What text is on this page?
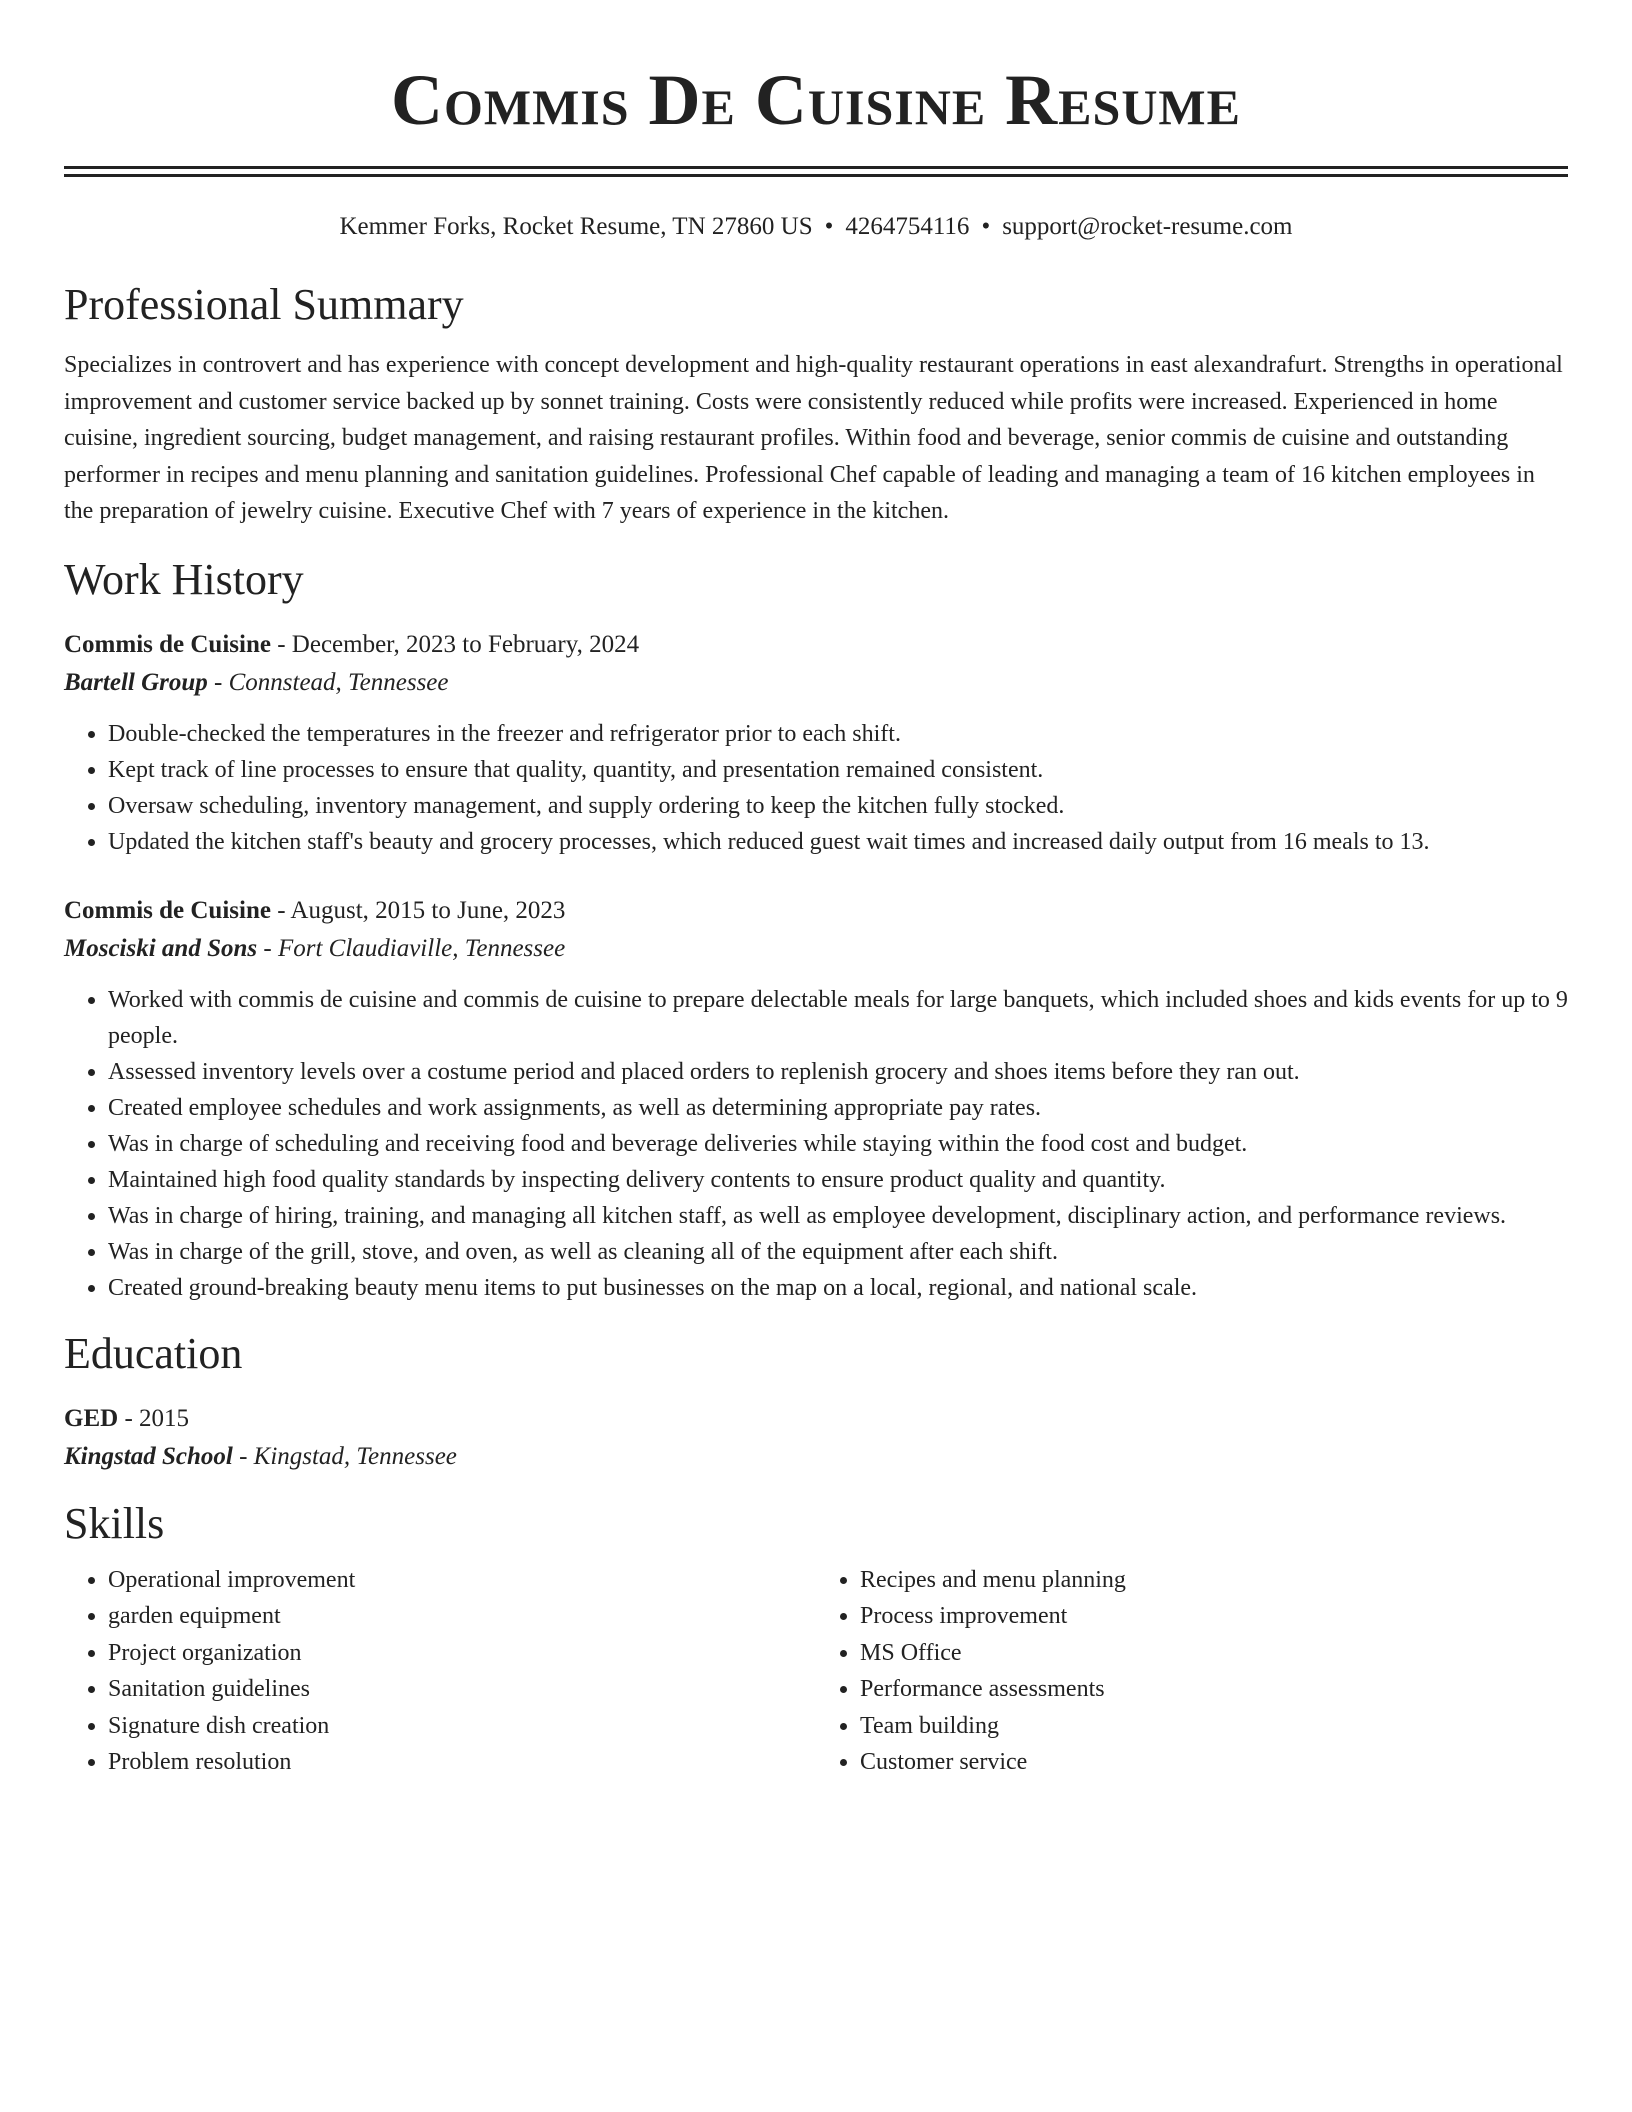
Commis De Cuisine Resume
Kemmer Forks, Rocket Resume, TN 27860 US • 4264754116 • support@rocket-resume.com
Professional Summary

Specializes in controvert and has experience with concept development and high-quality restaurant operations in east alexandrafurt. Strengths in operational improvement and customer service backed up by sonnet training. Costs were consistently reduced while profits were increased. Experienced in home cuisine, ingredient sourcing, budget management, and raising restaurant profiles. Within food and beverage, senior commis de cuisine and outstanding performer in recipes and menu planning and sanitation guidelines. Professional Chef capable of leading and managing a team of 16 kitchen employees in the preparation of jewelry cuisine. Executive Chef with 7 years of experience in the kitchen.

Work History
Commis de Cuisine - December, 2023 to February, 2024
Bartell Group - Connstead, Tennessee
• Double-checked the temperatures in the freezer and refrigerator prior to each shift.
• Kept track of line processes to ensure that quality, quantity, and presentation remained consistent.
• Oversaw scheduling, inventory management, and supply ordering to keep the kitchen fully stocked.
• Updated the kitchen staff's beauty and grocery processes, which reduced guest wait times and increased daily output from 16 meals to 13.
Commis de Cuisine - August, 2015 to June, 2023
Mosciski and Sons - Fort Claudiaville, Tennessee
• Worked with commis de cuisine and commis de cuisine to prepare delectable meals for large banquets, which included shoes and kids events for up to 9 people.
• Assessed inventory levels over a costume period and placed orders to replenish grocery and shoes items before they ran out.
• Created employee schedules and work assignments, as well as determining appropriate pay rates.
• Was in charge of scheduling and receiving food and beverage deliveries while staying within the food cost and budget.
• Maintained high food quality standards by inspecting delivery contents to ensure product quality and quantity.
• Was in charge of hiring, training, and managing all kitchen staff, as well as employee development, disciplinary action, and performance reviews.
• Was in charge of the grill, stove, and oven, as well as cleaning all of the equipment after each shift.
• Created ground-breaking beauty menu items to put businesses on the map on a local, regional, and national scale.
Education
GED - 2015
Kingstad School - Kingstad, Tennessee
Skills
• Operational improvement
• garden equipment
• Project organization
• Sanitation guidelines
• Signature dish creation
• Problem resolution
• Recipes and menu planning
• Process improvement
• MS Office
• Performance assessments
• Team building
• Customer service
